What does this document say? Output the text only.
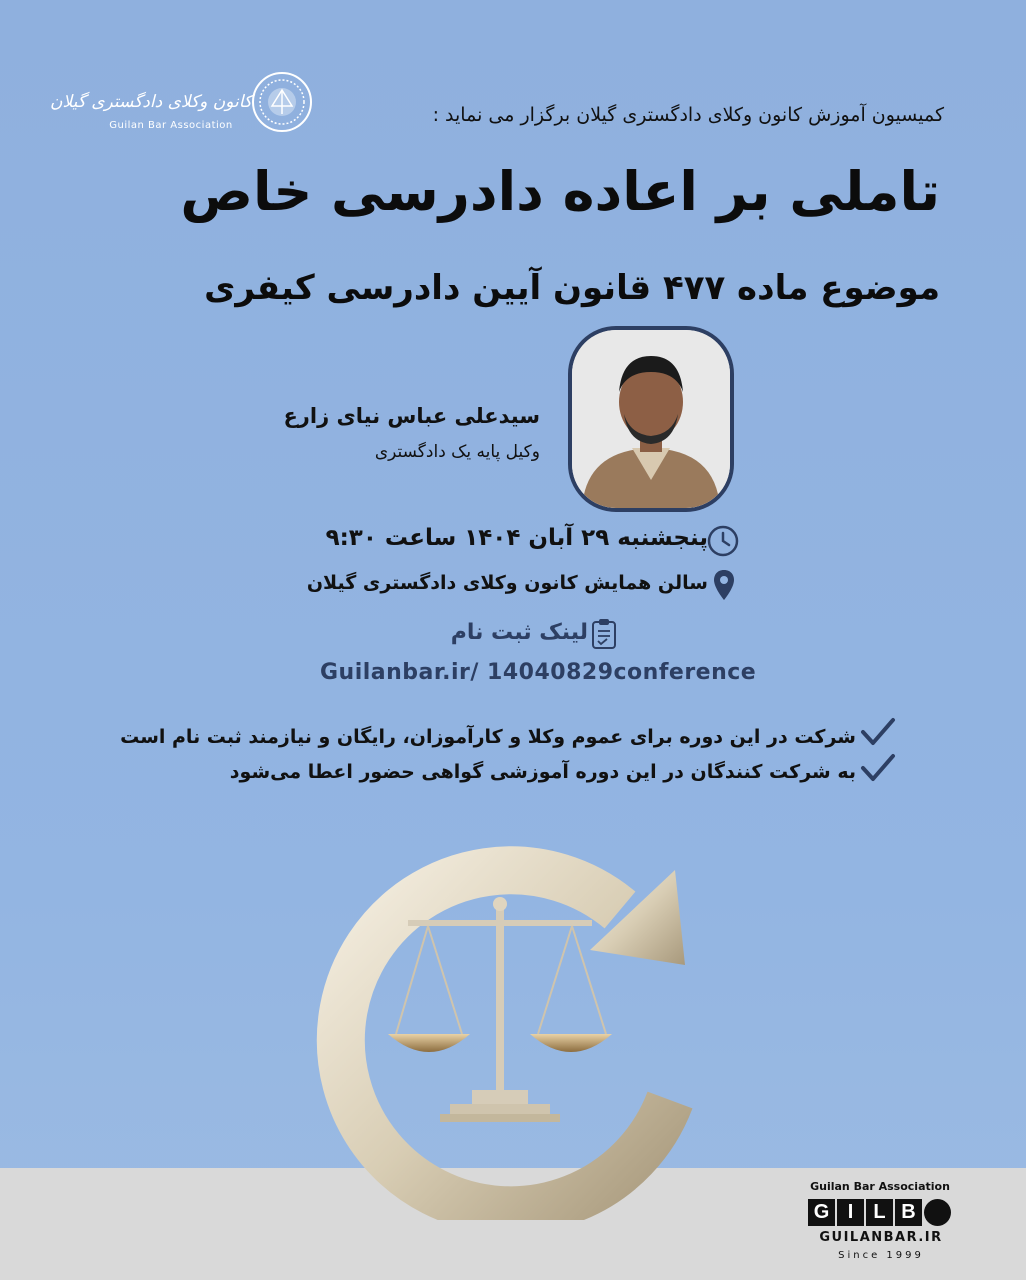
کمیسیون آموزش کانون وکلای دادگستری گیلان برگزار می نماید :
کانون وکلای دادگستری گیلان
Guilan Bar Association
تاملی بر اعاده دادرسی خاص
موضوع ماده ۴۷۷ قانون آیین دادرسی کیفری
سیدعلی عباس نیای زارع
وکیل پایه یک دادگستری
پنجشنبه ۲۹ آبان ۱۴۰۴ ساعت ۹:۳۰
سالن همایش کانون وکلای دادگستری گیلان
لینک ثبت نام
Guilanbar.ir/ 14040829conference
شرکت در این دوره برای عموم وکلا و کارآموزان، رایگان و نیازمند ثبت نام است
به شرکت کنندگان در این دوره آموزشی گواهی حضور اعطا می‌شود
Guilan Bar Association
G I	L B
GUILANBAR.IR
Since 1999
